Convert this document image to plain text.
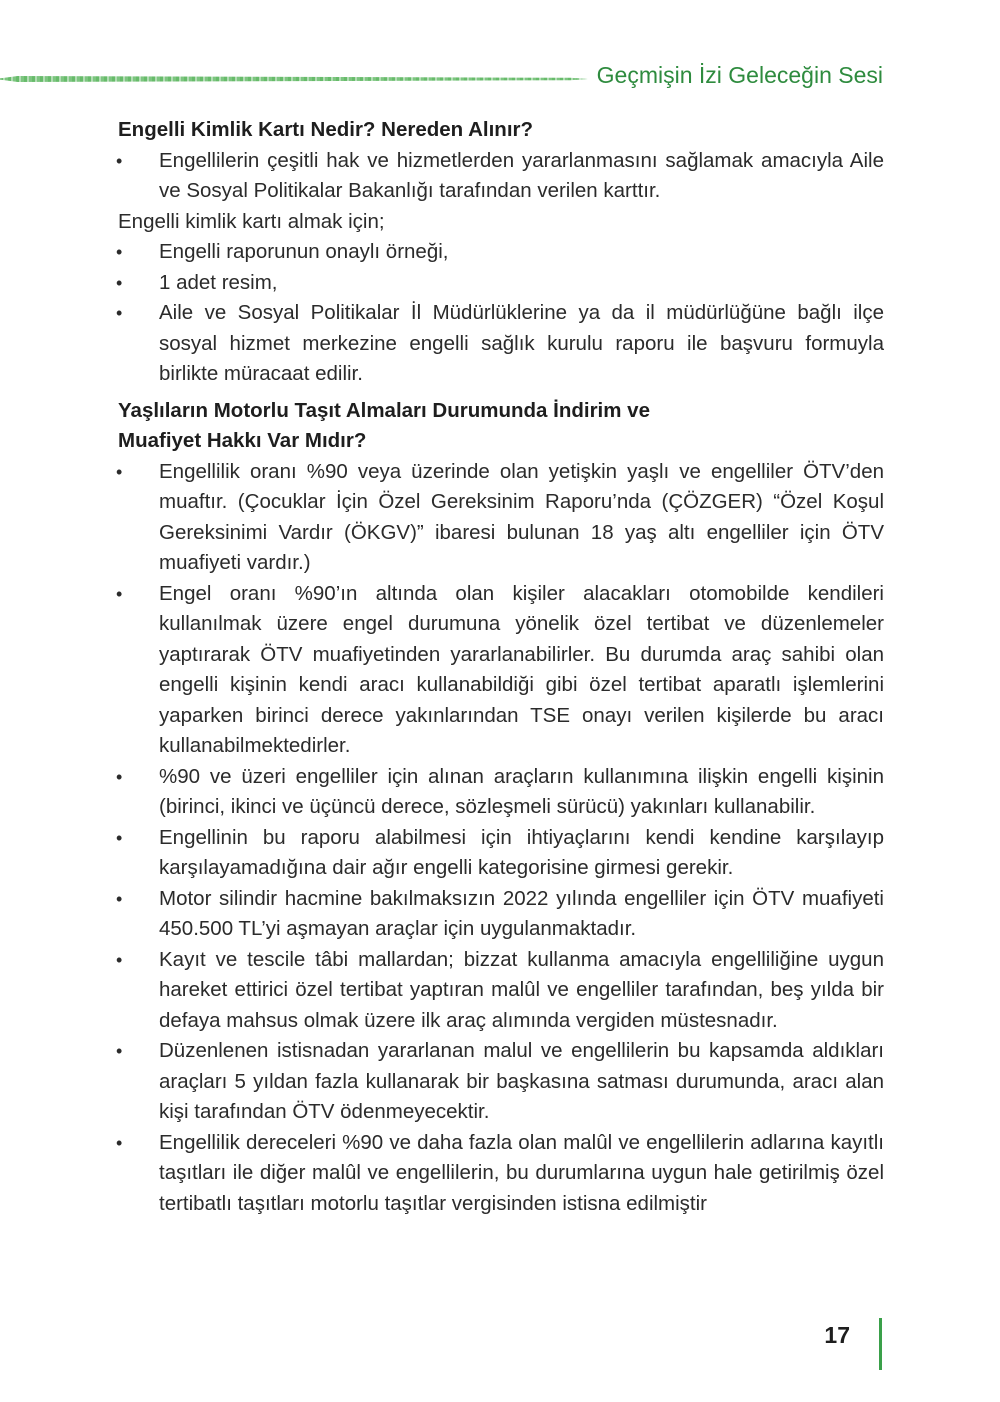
Geçmişin İzi Geleceğin Sesi

Engelli Kimlik Kartı Nedir? Nereden Alınır?

• Engellilerin çeşitli hak ve hizmetlerden yararlanmasını sağlamak amacıyla Aile ve Sosyal Politikalar Bakanlığı tarafından verilen karttır.

Engelli kimlik kartı almak için;

• Engelli raporunun onaylı örneği,
• 1 adet resim,
• Aile ve Sosyal Politikalar İl Müdürlüklerine ya da il müdürlüğüne bağlı ilçe sosyal hizmet merkezine engelli sağlık kurulu raporu ile başvuru formuyla birlikte müracaat edilir.

Yaşlıların Motorlu Taşıt Almaları Durumunda İndirim ve
Muafiyet Hakkı Var Mıdır?

• Engellilik oranı %90 veya üzerinde olan yetişkin yaşlı ve engelliler ÖTV’den muaftır. (Çocuklar İçin Özel Gereksinim Raporu’nda (ÇÖZGER) “Özel Koşul Gereksinimi Vardır (ÖKGV)” ibaresi bulunan 18 yaş altı engelliler için ÖTV muafiyeti vardır.)
• Engel oranı %90’ın altında olan kişiler alacakları otomobilde kendileri kullanılmak üzere engel durumuna yönelik özel tertibat ve düzenlemeler yaptırarak ÖTV muafiyetinden yararlanabilirler. Bu durumda araç sahibi olan engelli kişinin kendi aracı kullanabildiği gibi özel tertibat aparatlı işlemlerini yaparken birinci derece yakınlarından TSE onayı verilen kişilerde bu aracı kullanabilmektedirler.
• %90 ve üzeri engelliler için alınan araçların kullanımına ilişkin engelli kişinin (birinci, ikinci ve üçüncü derece, sözleşmeli sürücü) yakınları kullanabilir.
• Engellinin bu raporu alabilmesi için ihtiyaçlarını kendi kendine karşılayıp karşılayamadığına dair ağır engelli kategorisine girmesi gerekir.
• Motor silindir hacmine bakılmaksızın 2022 yılında engelliler için ÖTV muafiyeti 450.500 TL’yi aşmayan araçlar için uygulanmaktadır.
• Kayıt ve tescile tâbi mallardan; bizzat kullanma amacıyla engelliliğine uygun hareket ettirici özel tertibat yaptıran malûl ve engelliler tarafından, beş yılda bir defaya mahsus olmak üzere ilk araç alımında vergiden müstesnadır.
• Düzenlenen istisnadan yararlanan malul ve engellilerin bu kapsamda aldıkları araçları 5 yıldan fazla kullanarak bir başkasına satması durumunda, aracı alan kişi tarafından ÖTV ödenmeyecektir.
• Engellilik dereceleri %90 ve daha fazla olan malûl ve engellilerin adlarına kayıtlı taşıtları ile diğer malûl ve engellilerin, bu durumlarına uygun hale getirilmiş özel tertibatlı taşıtları motorlu taşıtlar vergisinden istisna edilmiştir
17
